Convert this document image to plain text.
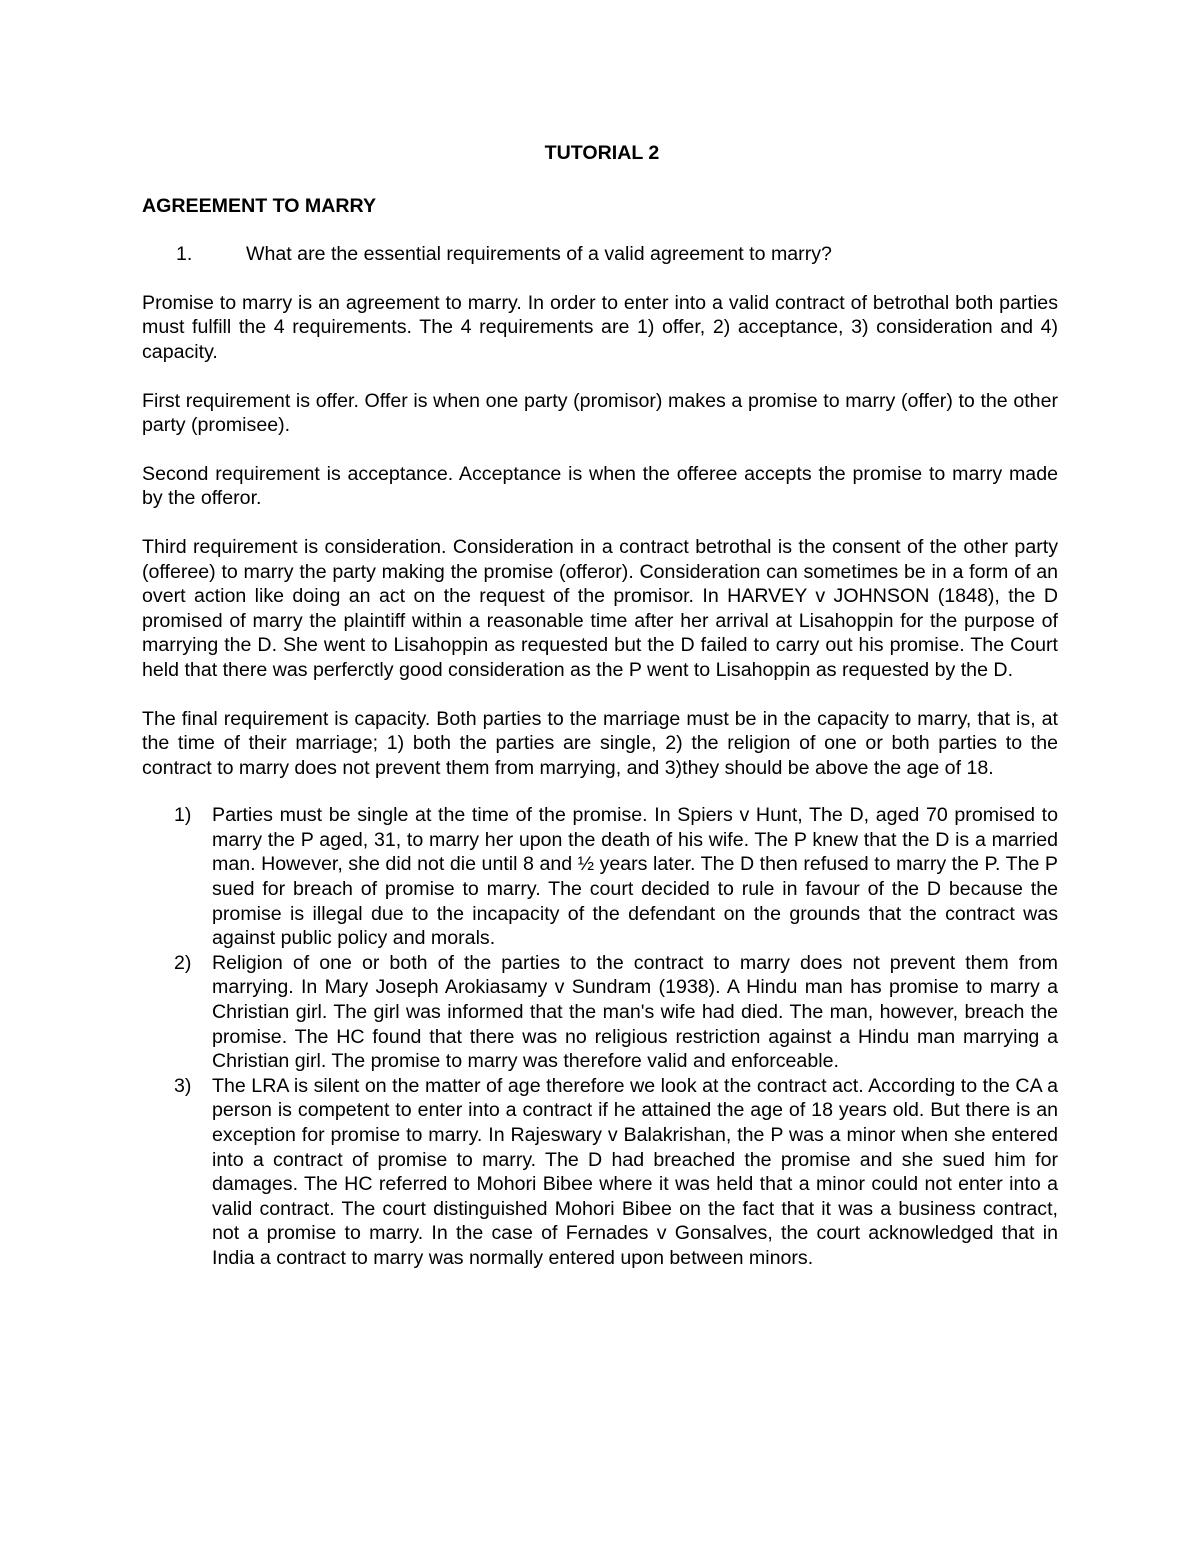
TUTORIAL 2

AGREEMENT TO MARRY

1.	What are the essential requirements of a valid agreement to marry?

Promise to marry is an agreement to marry. In order to enter into a valid contract of betrothal both parties must fulfill the 4 requirements. The 4 requirements are 1) offer, 2) acceptance, 3) consideration and 4) capacity.

First requirement is offer. Offer is when one party (promisor) makes a promise to marry (offer) to the other party (promisee).

Second requirement is acceptance. Acceptance is when the offeree accepts the promise to marry made by the offeror.

Third requirement is consideration. Consideration in a contract betrothal is the consent of the other party (offeree) to marry the party making the promise (offeror). Consideration can sometimes be in a form of an overt action like doing an act on the request of the promisor. In HARVEY v JOHNSON (1848), the D promised of marry the plaintiff within a reasonable time after her arrival at Lisahoppin for the purpose of marrying the D. She went to Lisahoppin as requested but the D failed to carry out his promise. The Court held that there was perferctly good consideration as the P went to Lisahoppin as requested by the D.

The final requirement is capacity. Both parties to the marriage must be in the capacity to marry, that is, at the time of their marriage; 1) both the parties are single, 2) the religion of one or both parties to the contract to marry does not prevent them from marrying, and 3)they should be above the age of 18.

1)	Parties must be single at the time of the promise. In Spiers v Hunt, The D, aged 70 promised to marry the P aged, 31, to marry her upon the death of his wife. The P knew that the D is a married man. However, she did not die until 8 and ½ years later. The D then refused to marry the P. The P sued for breach of promise to marry. The court decided to rule in favour of the D because the promise is illegal due to the incapacity of the defendant on the grounds that the contract was against public policy and morals.
2)	Religion of one or both of the parties to the contract to marry does not prevent them from marrying. In Mary Joseph Arokiasamy v Sundram (1938). A Hindu man has promise to marry a Christian girl. The girl was informed that the man's wife had died. The man, however, breach the promise. The HC found that there was no religious restriction against a Hindu man marrying a Christian girl. The promise to marry was therefore valid and enforceable.
3)	The LRA is silent on the matter of age therefore we look at the contract act. According to the CA a person is competent to enter into a contract if he attained the age of 18 years old. But there is an exception for promise to marry. In Rajeswary v Balakrishan, the P was a minor when she entered into a contract of promise to marry. The D had breached the promise and she sued him for damages. The HC referred to Mohori Bibee where it was held that a minor could not enter into a valid contract. The court distinguished Mohori Bibee on the fact that it was a business contract, not a promise to marry. In the case of Fernades v Gonsalves, the court acknowledged that in India a contract to marry was normally entered upon between minors.
